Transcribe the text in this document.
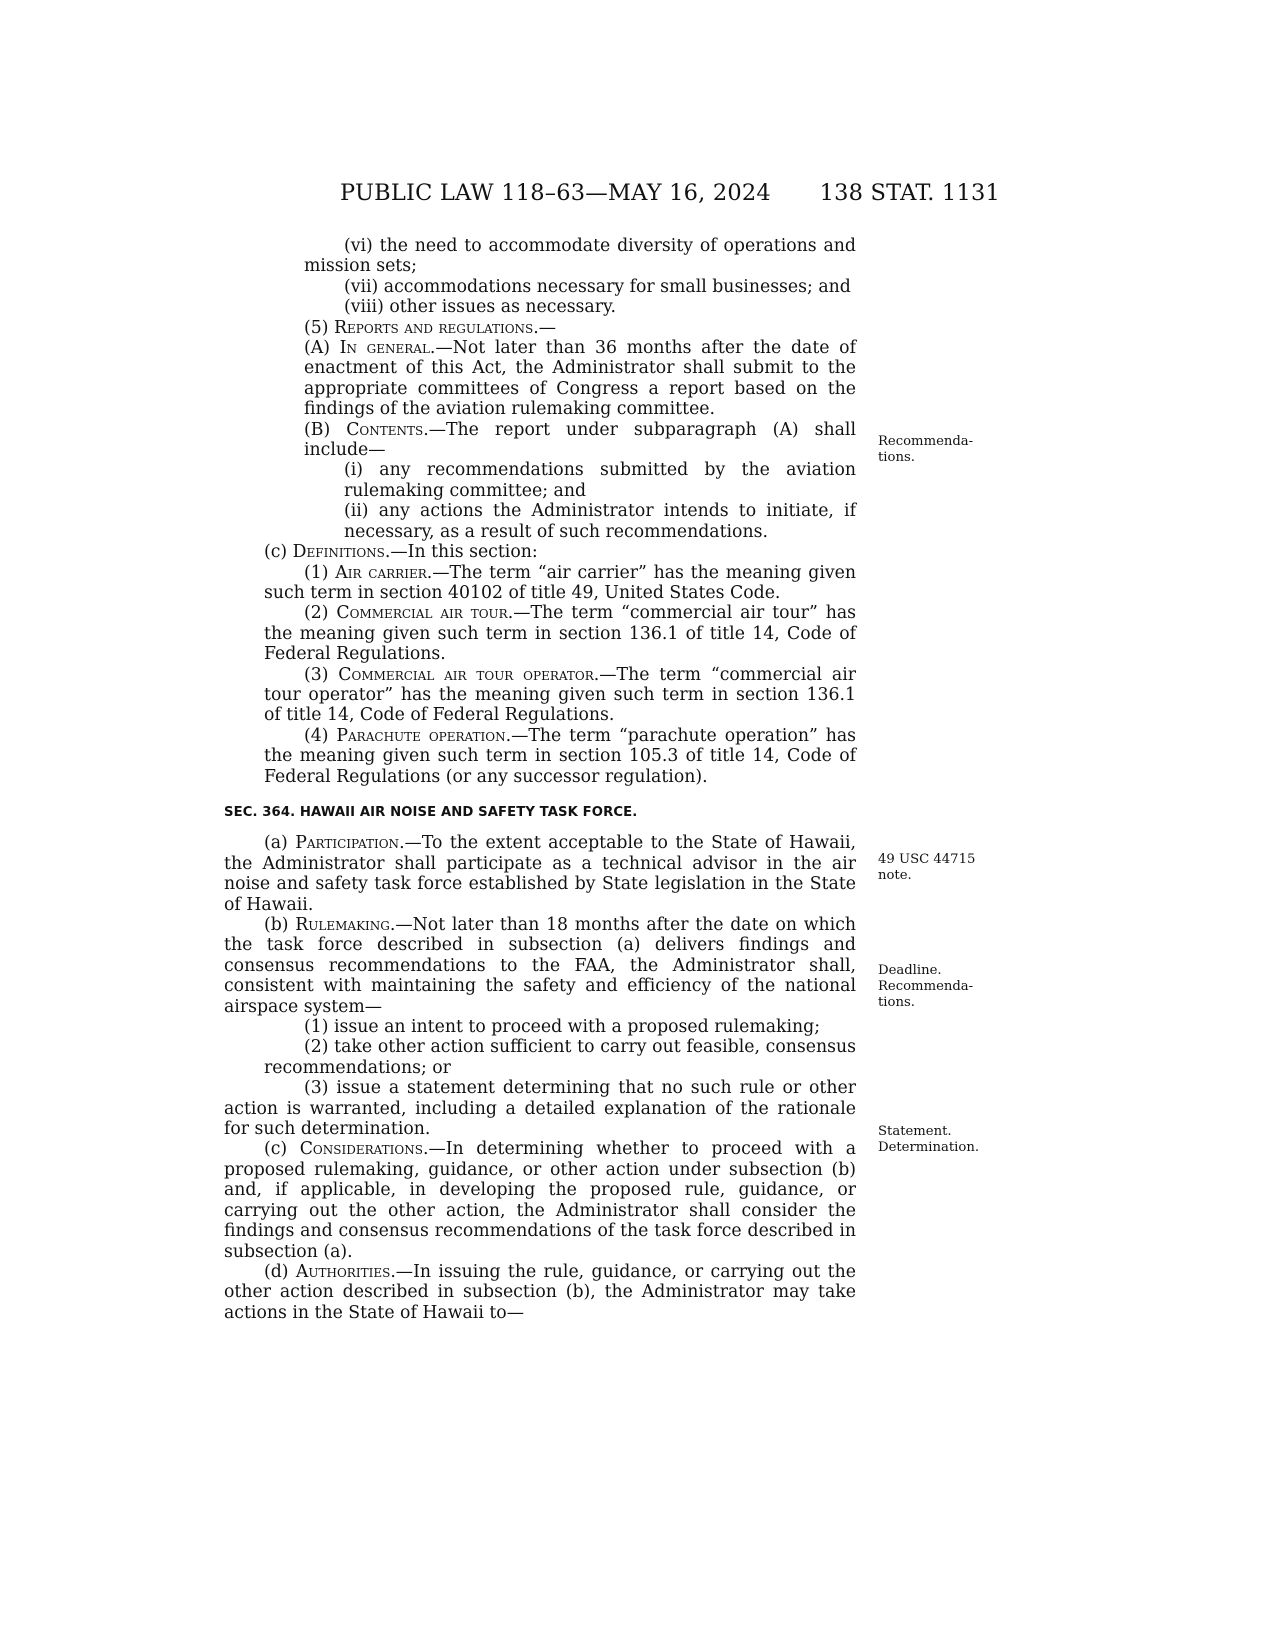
PUBLIC LAW 118–63—MAY 16, 2024 138 STAT. 1131

(vi) the need to accommodate diversity of operations and mission sets;

(vii) accommodations necessary for small businesses; and

(viii) other issues as necessary.

(5) Reports and regulations.—

(A) In general.—Not later than 36 months after the date of enactment of this Act, the Administrator shall submit to the appropriate committees of Congress a report based on the findings of the aviation rulemaking committee.

(B) Contents.—The report under subparagraph (A) shall include—

(i) any recommendations submitted by the aviation rulemaking committee; and

(ii) any actions the Administrator intends to initiate, if necessary, as a result of such recommendations.

(c) Definitions.—In this section:

(1) Air carrier.—The term “air carrier” has the meaning given such term in section 40102 of title 49, United States Code.

(2) Commercial air tour.—The term “commercial air tour” has the meaning given such term in section 136.1 of title 14, Code of Federal Regulations.

(3) Commercial air tour operator.—The term “commercial air tour operator” has the meaning given such term in section 136.1 of title 14, Code of Federal Regulations.

(4) Parachute operation.—The term “parachute operation” has the meaning given such term in section 105.3 of title 14, Code of Federal Regulations (or any successor regulation).

SEC. 364. HAWAII AIR NOISE AND SAFETY TASK FORCE.

(a) Participation.—To the extent acceptable to the State of Hawaii, the Administrator shall participate as a technical advisor in the air noise and safety task force established by State legislation in the State of Hawaii.

(b) Rulemaking.—Not later than 18 months after the date on which the task force described in subsection (a) delivers findings and consensus recommendations to the FAA, the Administrator shall, consistent with maintaining the safety and efficiency of the national airspace system—

(1) issue an intent to proceed with a proposed rulemaking;

(2) take other action sufficient to carry out feasible, consensus recommendations; or

(3) issue a statement determining that no such rule or other action is warranted, including a detailed explanation of the rationale for such determination.

(c) Considerations.—In determining whether to proceed with a proposed rulemaking, guidance, or other action under subsection (b) and, if applicable, in developing the proposed rule, guidance, or carrying out the other action, the Administrator shall consider the findings and consensus recommendations of the task force described in subsection (a).

(d) Authorities.—In issuing the rule, guidance, or carrying out the other action described in subsection (b), the Administrator may take actions in the State of Hawaii to—

Recommenda-
tions.
49 USC 44715
note.
Deadline.
Recommenda-
tions.
Statement.
Determination.
